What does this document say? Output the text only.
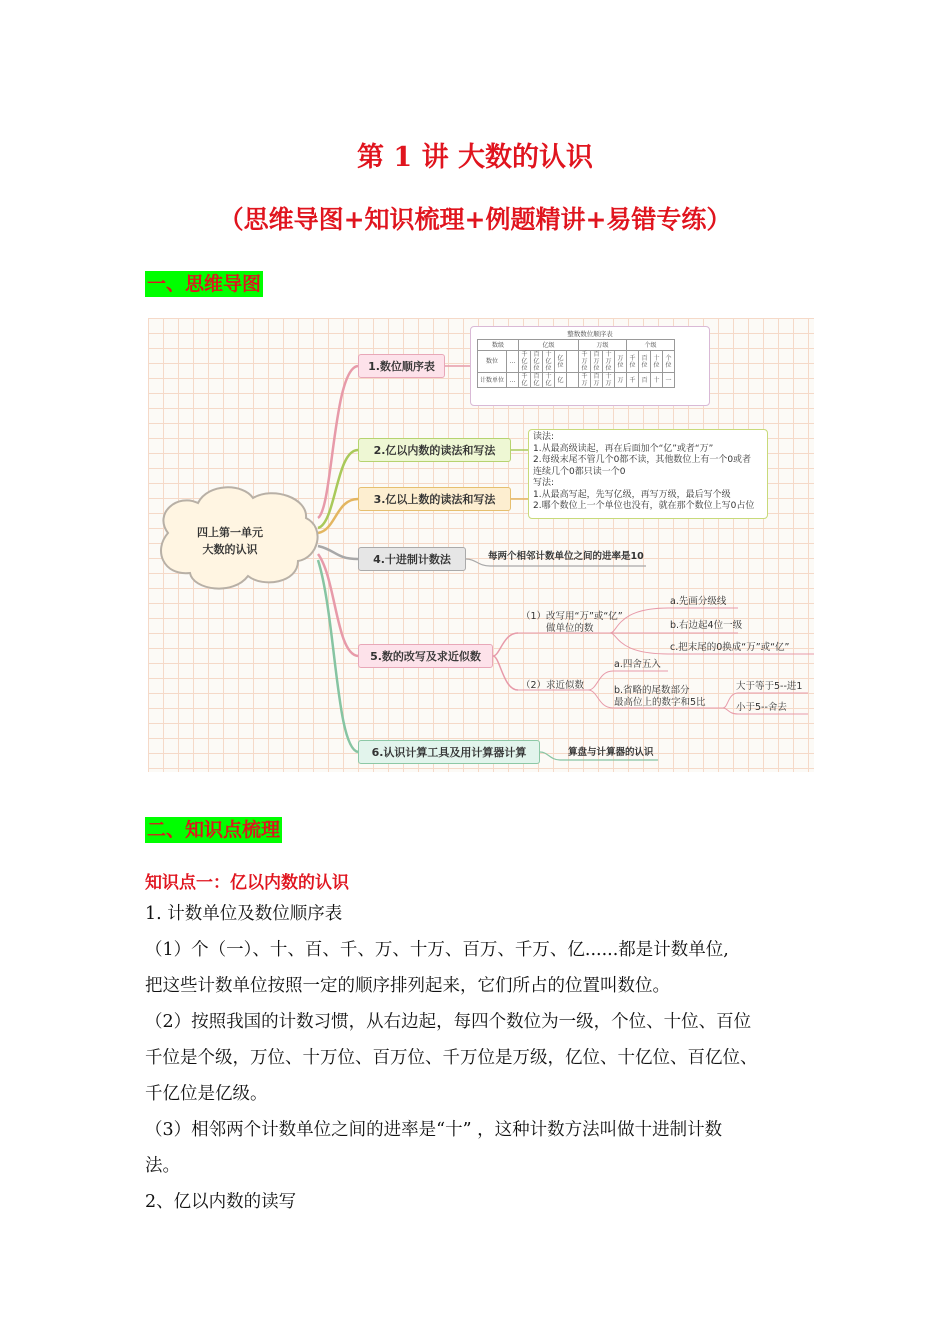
第 1 讲 大数的认识
（思维导图+知识梳理+例题精讲+易错专练）
一、思维导图
四上第一单元
大数的认识
1.数位顺序表
2.亿以内数的读法和写法
3.亿以上数的读法和写法
4.十进制计数法
5.数的改写及求近似数
6.认识计算工具及用计算器计算
整数数位顺序表
数级		亿级					万级				个级			
数位	…	千亿位	百亿位	十亿位	亿位		千万位	百万位	十万位	万位	千位	百位	十位	个位
计数单位	…	千亿	百亿	十亿	亿		千万	百万	十万	万	千	百	十	一
读法:
1.从最高级读起，再在后面加个“亿”或者“万”
2.每级末尾不管几个0都不读，其他数位上有一个0或者
连续几个0都只读一个0
写法:
1.从最高写起，先写亿级，再写万级，最后写个级
2.哪个数位上一个单位也没有，就在那个数位上写0占位
每两个相邻计数单位之间的进率是10
（1）改写用“万”或“亿”
做单位的数
a.先画分级线
b.右边起4位一级
c.把末尾的0换成“万”或“亿”
（2）求近似数
a.四舍五入
b.省略的尾数部分
最高位上的数字和5比
大于等于5--进1
小于5--舍去
算盘与计算器的认识
二、知识点梳理
知识点一：亿以内数的认识

1. 计数单位及数位顺序表

（1）个（一）、十、百、千、万、十万、百万、千万、亿......都是计数单位,

把这些计数单位按照一定的顺序排列起来，它们所占的位置叫数位。

（2）按照我国的计数习惯，从右边起，每四个数位为一级，个位、十位、百位

千位是个级，万位、十万位、百万位、千万位是万级，亿位、十亿位、百亿位、

千亿位是亿级。

（3）相邻两个计数单位之间的进率是“十” ，这种计数方法叫做十进制计数

法。

2、亿以内数的读写
